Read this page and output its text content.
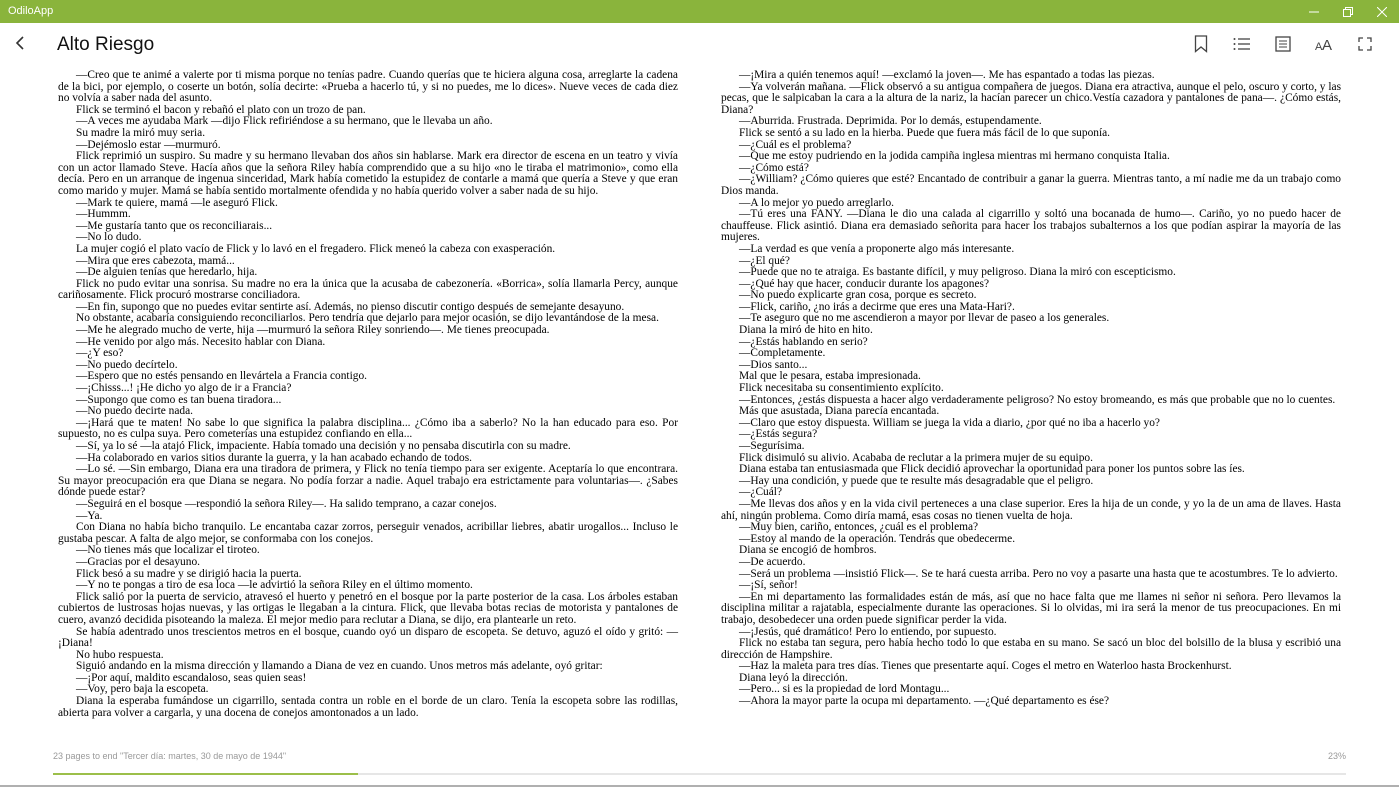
OdiloApp
Alto Riesgo	A A

—Creo que te animé a valerte por ti misma porque no tenías padre. Cuando querías que te hiciera alguna cosa, arreglarte la cadena de la bici, por ejemplo, o coserte un botón, solía decirte: «Prueba a hacerlo tú, y si no puedes, me lo dices». Nueve veces de cada diez no volvía a saber nada del asunto.

Flick se terminó el bacon y rebañó el plato con un trozo de pan.

—A veces me ayudaba Mark —dijo Flick refiriéndose a su hermano, que le llevaba un año.

Su madre la miró muy seria.

—Dejémoslo estar —murmuró.

Flick reprimió un suspiro. Su madre y su hermano llevaban dos años sin hablarse. Mark era director de escena en un teatro y vivía con un actor llamado Steve. Hacía años que la señora Riley había comprendido que a su hijo «no le tiraba el matrimonio», como ella decía. Pero en un arranque de ingenua sinceridad, Mark había cometido la estupidez de contarle a mamá que quería a Steve y que eran como marido y mujer. Mamá se había sentido mortalmente ofendida y no había querido volver a saber nada de su hijo.

—Mark te quiere, mamá —le aseguró Flick.

—Hummm.

—Me gustaría tanto que os reconciliarais...

—No lo dudo.

La mujer cogió el plato vacío de Flick y lo lavó en el fregadero. Flick meneó la cabeza con exasperación.

—Mira que eres cabezota, mamá...

—De alguien tenías que heredarlo, hija.

Flick no pudo evitar una sonrisa. Su madre no era la única que la acusaba de cabezonería. «Borrica», solía llamarla Percy, aunque cariñosamente. Flick procuró mostrarse conciliadora.

—En fin, supongo que no puedes evitar sentirte así. Además, no pienso discutir contigo después de semejante desayuno.

No obstante, acabaría consiguiendo reconciliarlos. Pero tendría que dejarlo para mejor ocasión, se dijo levantándose de la mesa.

—Me he alegrado mucho de verte, hija —murmuró la señora Riley sonriendo—. Me tienes preocupada.

—He venido por algo más. Necesito hablar con Diana.

—¿Y eso?

—No puedo decírtelo.

—Espero que no estés pensando en llevártela a Francia contigo.

—¡Chisss...! ¡He dicho yo algo de ir a Francia?

—Supongo que como es tan buena tiradora...

—No puedo decirte nada.

—¡Hará que te maten! No sabe lo que significa la palabra disciplina... ¿Cómo iba a saberlo? No la han educado para eso. Por supuesto, no es culpa suya. Pero cometerías una estupidez confiando en ella...

—Sí, ya lo sé —la atajó Flick, impaciente. Había tomado una decisión y no pensaba discutirla con su madre.

—Ha colaborado en varios sitios durante la guerra, y la han acabado echando de todos.

—Lo sé. —Sin embargo, Diana era una tiradora de primera, y Flick no tenía tiempo para ser exigente. Aceptaría lo que encontrara. Su mayor preocupación era que Diana se negara. No podía forzar a nadie. Aquel trabajo era estrictamente para voluntarias—. ¿Sabes dónde puede estar?

—Seguirá en el bosque —respondió la señora Riley—. Ha salido temprano, a cazar conejos.

—Ya.

Con Diana no había bicho tranquilo. Le encantaba cazar zorros, perseguir venados, acribillar liebres, abatir urogallos... Incluso le gustaba pescar. A falta de algo mejor, se conformaba con los conejos.

—No tienes más que localizar el tiroteo.

—Gracias por el desayuno.

Flick besó a su madre y se dirigió hacia la puerta.

—Y no te pongas a tiro de esa loca —le advirtió la señora Riley en el último momento.

Flick salió por la puerta de servicio, atravesó el huerto y penetró en el bosque por la parte posterior de la casa. Los árboles estaban cubiertos de lustrosas hojas nuevas, y las ortigas le llegaban a la cintura. Flick, que llevaba botas recias de motorista y pantalones de cuero, avanzó decidida pisoteando la maleza. El mejor medio para reclutar a Diana, se dijo, era plantearle un reto.

Se había adentrado unos trescientos metros en el bosque, cuando oyó un disparo de escopeta. Se detuvo, aguzó el oído y gritó: —¡Diana!

No hubo respuesta.

Siguió andando en la misma dirección y llamando a Diana de vez en cuando. Unos metros más adelante, oyó gritar:

—¡Por aquí, maldito escandaloso, seas quien seas!

—Voy, pero baja la escopeta.

Diana la esperaba fumándose un cigarrillo, sentada contra un roble en el borde de un claro. Tenía la escopeta sobre las rodillas, abierta para volver a cargarla, y una docena de conejos amontonados a un lado.

—¡Mira a quién tenemos aquí! —exclamó la joven—. Me has espantado a todas las piezas.

—Ya volverán mañana. —Flick observó a su antigua compañera de juegos. Diana era atractiva, aunque el pelo, oscuro y corto, y las pecas, que le salpicaban la cara a la altura de la nariz, la hacían parecer un chico.Vestía cazadora y pantalones de pana—. ¿Cómo estás, Diana?

—Aburrida. Frustrada. Deprimida. Por lo demás, estupendamente.

Flick se sentó a su lado en la hierba. Puede que fuera más fácil de lo que suponía.

—¿Cuál es el problema?

—Que me estoy pudriendo en la jodida campiña inglesa mientras mi hermano conquista Italia.

—¿Cómo está?

—¿William? ¿Cómo quieres que esté? Encantado de contribuir a ganar la guerra. Mientras tanto, a mí nadie me da un trabajo como Dios manda.

—A lo mejor yo puedo arreglarlo.

—Tú eres una FANY. —Diana le dio una calada al cigarrillo y soltó una bocanada de humo—. Cariño, yo no puedo hacer de chauffeuse. Flick asintió. Diana era demasiado señorita para hacer los trabajos subalternos a los que podían aspirar la mayoría de las mujeres.

—La verdad es que venía a proponerte algo más interesante.

—¿El qué?

—Puede que no te atraiga. Es bastante difícil, y muy peligroso. Diana la miró con escepticismo.

—¿Qué hay que hacer, conducir durante los apagones?

—No puedo explicarte gran cosa, porque es secreto.

—Flick, cariño, ¿no irás a decirme que eres una Mata-Hari?.

—Te aseguro que no me ascendieron a mayor por llevar de paseo a los generales.

Diana la miró de hito en hito.

—¿Estás hablando en serio?

—Completamente.

—Dios santo...

Mal que le pesara, estaba impresionada.

Flick necesitaba su consentimiento explícito.

—Entonces, ¿estás dispuesta a hacer algo verdaderamente peligroso? No estoy bromeando, es más que probable que no lo cuentes.

Más que asustada, Diana parecía encantada.

—Claro que estoy dispuesta. William se juega la vida a diario, ¿por qué no iba a hacerlo yo?

—¿Estás segura?

—Segurísima.

Flick disimuló su alivio. Acababa de reclutar a la primera mujer de su equipo.

Diana estaba tan entusiasmada que Flick decidió aprovechar la oportunidad para poner los puntos sobre las íes.

—Hay una condición, y puede que te resulte más desagradable que el peligro.

—¿Cuál?

—Me llevas dos años y en la vida civil perteneces a una clase superior. Eres la hija de un conde, y yo la de un ama de llaves. Hasta ahí, ningún problema. Como diría mamá, esas cosas no tienen vuelta de hoja.

—Muy bien, cariño, entonces, ¿cuál es el problema?

—Estoy al mando de la operación. Tendrás que obedecerme.

Diana se encogió de hombros.

—De acuerdo.

—Será un problema —insistió Flick—. Se te hará cuesta arriba. Pero no voy a pasarte una hasta que te acostumbres. Te lo advierto.

—¡Sí, señor!

—En mi departamento las formalidades están de más, así que no hace falta que me llames ni señor ni señora. Pero llevamos la disciplina militar a rajatabla, especialmente durante las operaciones. Si lo olvidas, mi ira será la menor de tus preocupaciones. En mi trabajo, desobedecer una orden puede significar perder la vida.

—¡Jesús, qué dramático! Pero lo entiendo, por supuesto.

Flick no estaba tan segura, pero había hecho todo lo que estaba en su mano. Se sacó un bloc del bolsillo de la blusa y escribió una dirección de Hampshire.

—Haz la maleta para tres días. Tienes que presentarte aquí. Coges el metro en Waterloo hasta Brockenhurst.

Diana leyó la dirección.

—Pero... si es la propiedad de lord Montagu...

—Ahora la mayor parte la ocupa mi departamento. —¿Qué departamento es ése?

23 pages to end "Tercer día: martes, 30 de mayo de 1944"	23%
